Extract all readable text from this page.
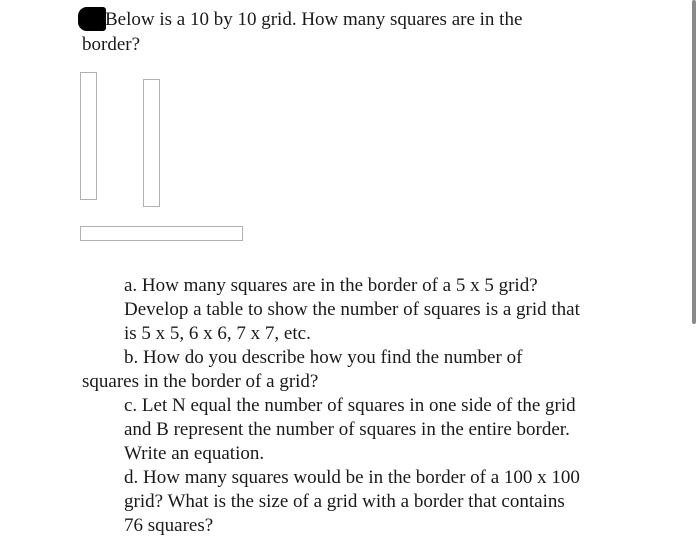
Below is a 10 by 10 grid. How many squares are in the
border?
a. How many squares are in the border of a 5 x 5 grid?
Develop a table to show the number of squares is a grid that
is 5 x 5, 6 x 6, 7 x 7, etc.
b. How do you describe how you find the number of
squares in the border of a grid?
c. Let N equal the number of squares in one side of the grid
and B represent the number of squares in the entire border.
Write an equation.
d. How many squares would be in the border of a 100 x 100
grid? What is the size of a grid with a border that contains
76 squares?
